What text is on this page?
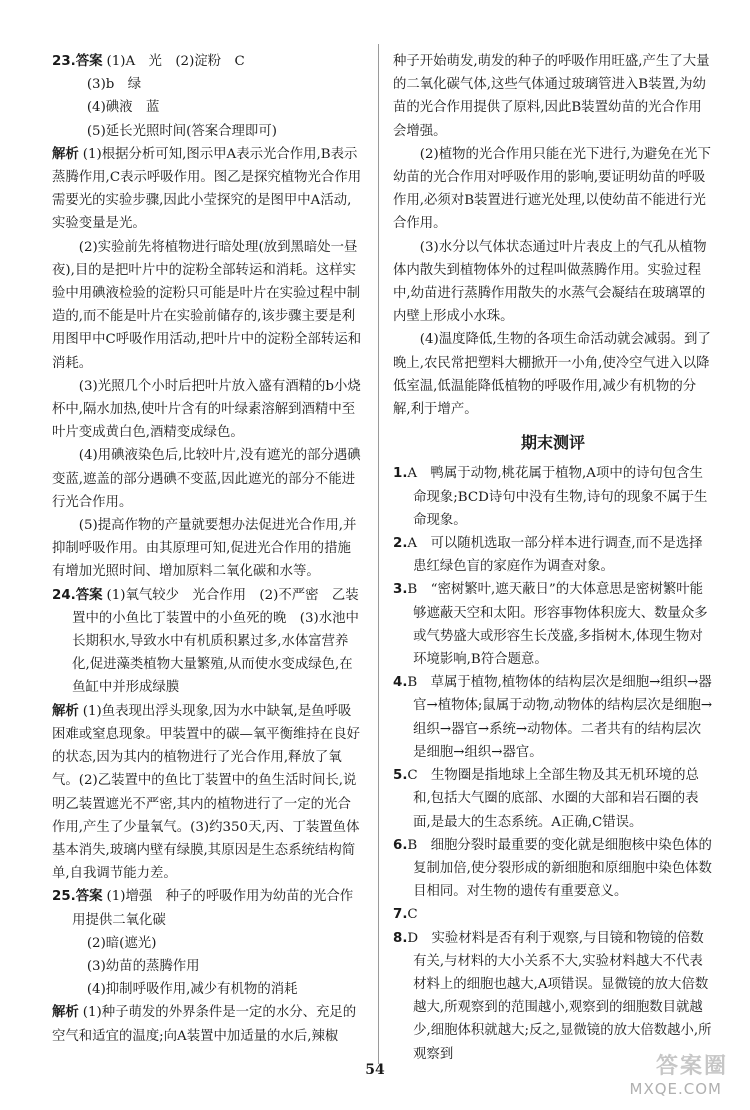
23.答案 (1)A　光　(2)淀粉　C

(3)b　绿

(4)碘液　蓝

(5)延长光照时间(答案合理即可)

解析 (1)根据分析可知,图示甲A表示光合作用,B表示蒸腾作用,C表示呼吸作用。图乙是探究植物光合作用需要光的实验步骤,因此小莹探究的是图甲中A活动,实验变量是光。

(2)实验前先将植物进行暗处理(放到黑暗处一昼夜),目的是把叶片中的淀粉全部转运和消耗。这样实验中用碘液检验的淀粉只可能是叶片在实验过程中制造的,而不能是叶片在实验前储存的,该步骤主要是利用图甲中C呼吸作用活动,把叶片中的淀粉全部转运和消耗。

(3)光照几个小时后把叶片放入盛有酒精的b小烧杯中,隔水加热,使叶片含有的叶绿素溶解到酒精中至叶片变成黄白色,酒精变成绿色。

(4)用碘液染色后,比较叶片,没有遮光的部分遇碘变蓝,遮盖的部分遇碘不变蓝,因此遮光的部分不能进行光合作用。

(5)提高作物的产量就要想办法促进光合作用,并抑制呼吸作用。由其原理可知,促进光合作用的措施有增加光照时间、增加原料二氧化碳和水等。

24.答案 (1)氧气较少　光合作用　(2)不严密　乙装置中的小鱼比丁装置中的小鱼死的晚　(3)水池中长期积水,导致水中有机质积累过多,水体富营养化,促进藻类植物大量繁殖,从而使水变成绿色,在鱼缸中并形成绿膜

解析 (1)鱼表现出浮头现象,因为水中缺氧,是鱼呼吸困难或窒息现象。甲装置中的碳—氧平衡维持在良好的状态,因为其内的植物进行了光合作用,释放了氧气。(2)乙装置中的鱼比丁装置中的鱼生活时间长,说明乙装置遮光不严密,其内的植物进行了一定的光合作用,产生了少量氧气。(3)约350天,丙、丁装置鱼体基本消失,玻璃内壁有绿膜,其原因是生态系统结构简单,自我调节能力差。

25.答案 (1)增强　种子的呼吸作用为幼苗的光合作用提供二氧化碳

(2)暗(遮光)

(3)幼苗的蒸腾作用

(4)抑制呼吸作用,减少有机物的消耗

解析 (1)种子萌发的外界条件是一定的水分、充足的空气和适宜的温度;向A装置中加适量的水后,辣椒

种子开始萌发,萌发的种子的呼吸作用旺盛,产生了大量的二氧化碳气体,这些气体通过玻璃管进入B装置,为幼苗的光合作用提供了原料,因此B装置幼苗的光合作用会增强。

(2)植物的光合作用只能在光下进行,为避免在光下幼苗的光合作用对呼吸作用的影响,要证明幼苗的呼吸作用,必须对B装置进行遮光处理,以使幼苗不能进行光合作用。

(3)水分以气体状态通过叶片表皮上的气孔从植物体内散失到植物体外的过程叫做蒸腾作用。实验过程中,幼苗进行蒸腾作用散失的水蒸气会凝结在玻璃罩的内壁上形成小水珠。

(4)温度降低,生物的各项生命活动就会减弱。到了晚上,农民常把塑料大棚掀开一小角,使冷空气进入以降低室温,低温能降低植物的呼吸作用,减少有机物的分解,利于增产。

期末测评

1.A　 鸭属于动物,桃花属于植物,A项中的诗句包含生命现象;BCD诗句中没有生物,诗句的现象不属于生命现象。

2.A　 可以随机选取一部分样本进行调查,而不是选择患红绿色盲的家庭作为调查对象。

3.B　 “密树繁叶,遮天蔽日”的大体意思是密树繁叶能够遮蔽天空和太阳。形容事物体积庞大、数量众多或气势盛大或形容生长茂盛,多指树木,体现生物对环境影响,B符合题意。

4.B　 草属于植物,植物体的结构层次是细胞→组织→器官→植物体;鼠属于动物,动物体的结构层次是细胞→组织→器官→系统→动物体。二者共有的结构层次是细胞→组织→器官。

5.C　 生物圈是指地球上全部生物及其无机环境的总和,包括大气圈的底部、水圈的大部和岩石圈的表面,是最大的生态系统。A正确,C错误。

6.B　 细胞分裂时最重要的变化就是细胞核中染色体的复制加倍,使分裂形成的新细胞和原细胞中染色体数目相同。对生物的遗传有重要意义。

7.C

8.D　 实验材料是否有利于观察,与目镜和物镜的倍数有关,与材料的大小关系不大,实验材料越大不代表材料上的细胞也越大,A项错误。显微镜的放大倍数越大,所观察到的范围越小,观察到的细胞数目就越少,细胞体积就越大;反之,显微镜的放大倍数越小,所观察到

54	答案圈
MXQE.COM
